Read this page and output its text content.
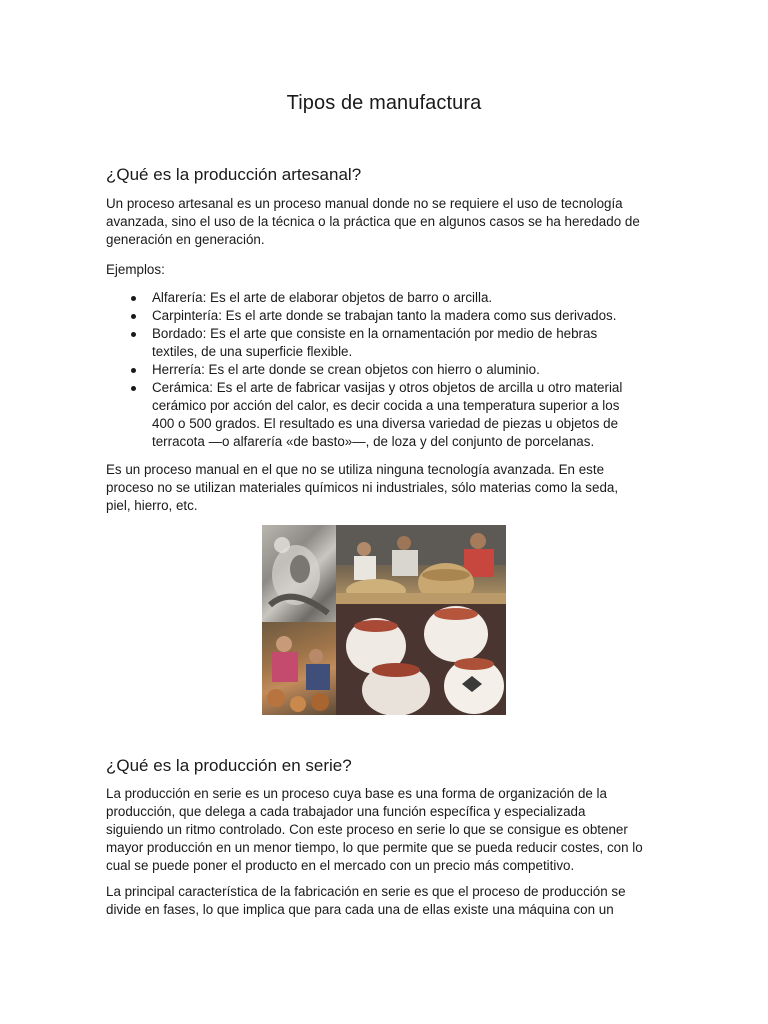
Tipos de manufactura
¿Qué es la producción artesanal?
Un proceso artesanal es un proceso manual donde no se requiere el uso de tecnología
avanzada, sino el uso de la técnica o la práctica que en algunos casos se ha heredado de
generación en generación.
Ejemplos:
Alfarería: Es el arte de elaborar objetos de barro o arcilla.
Carpintería: Es el arte donde se trabajan tanto la madera como sus derivados.
Bordado: Es el arte que consiste en la ornamentación por medio de hebras
textiles, de una superficie flexible.
Herrería: Es el arte donde se crean objetos con hierro o aluminio.
Cerámica: Es el arte de fabricar vasijas y otros objetos de arcilla u otro material
cerámico por acción del calor, es decir cocida a una temperatura superior a los
400 o 500 grados. El resultado es una diversa variedad de piezas u objetos de
terracota —o alfarería «de basto»—, de loza y del conjunto de porcelanas.
Es un proceso manual en el que no se utiliza ninguna tecnología avanzada. En este
proceso no se utilizan materiales químicos ni industriales, sólo materias como la seda,
piel, hierro, etc.
¿Qué es la producción en serie?
La producción en serie es un proceso cuya base es una forma de organización de la
producción, que delega a cada trabajador una función específica y especializada
siguiendo un ritmo controlado. Con este proceso en serie lo que se consigue es obtener
mayor producción en un menor tiempo, lo que permite que se pueda reducir costes, con lo
cual se puede poner el producto en el mercado con un precio más competitivo.
La principal característica de la fabricación en serie es que el proceso de producción se
divide en fases, lo que implica que para cada una de ellas existe una máquina con un
